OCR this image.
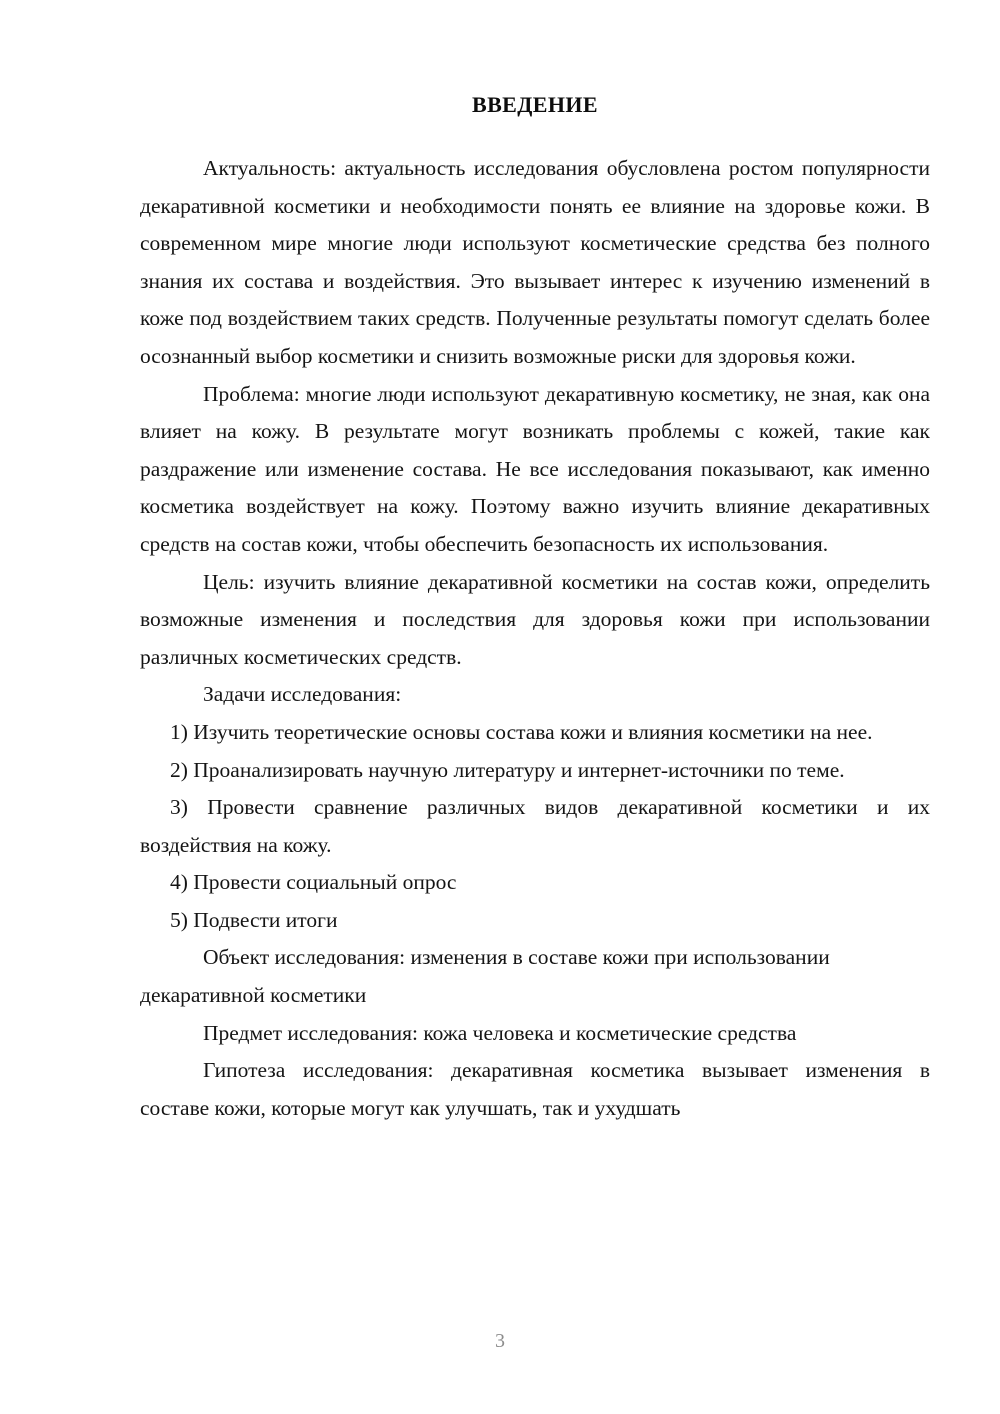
ВВЕДЕНИЕ

Актуальность: актуальность исследования обусловлена ростом популярности декаративной косметики и необходимости понять ее влияние на здоровье кожи. В современном мире многие люди используют косметические средства без полного знания их состава и воздействия. Это вызывает интерес к изучению изменений в коже под воздействием таких средств. Полученные результаты помогут сделать более осознанный выбор косметики и снизить возможные риски для здоровья кожи.

Проблема: многие люди используют декаративную косметику, не зная, как она влияет на кожу. В результате могут возникать проблемы с кожей, такие как раздражение или изменение состава. Не все исследования показывают, как именно косметика воздействует на кожу. Поэтому важно изучить влияние декаративных средств на состав кожи, чтобы обеспечить безопасность их использования.

Цель: изучить влияние декаративной косметики на состав кожи, определить возможные изменения и последствия для здоровья кожи при использовании различных косметических средств.

Задачи исследования:

1) Изучить теоретические основы состава кожи и влияния косметики на нее.

2) Проанализировать научную литературу и интернет-источники по теме.

3) Провести сравнение различных видов декаративной косметики и их воздействия на кожу.

4) Провести социальный опрос

5) Подвести итоги

Объект исследования: изменения в составе кожи при использовании декаративной косметики

Предмет исследования: кожа человека и косметические средства

Гипотеза исследования: декаративная косметика вызывает изменения в составе кожи, которые могут как улучшать, так и ухудшать

3
